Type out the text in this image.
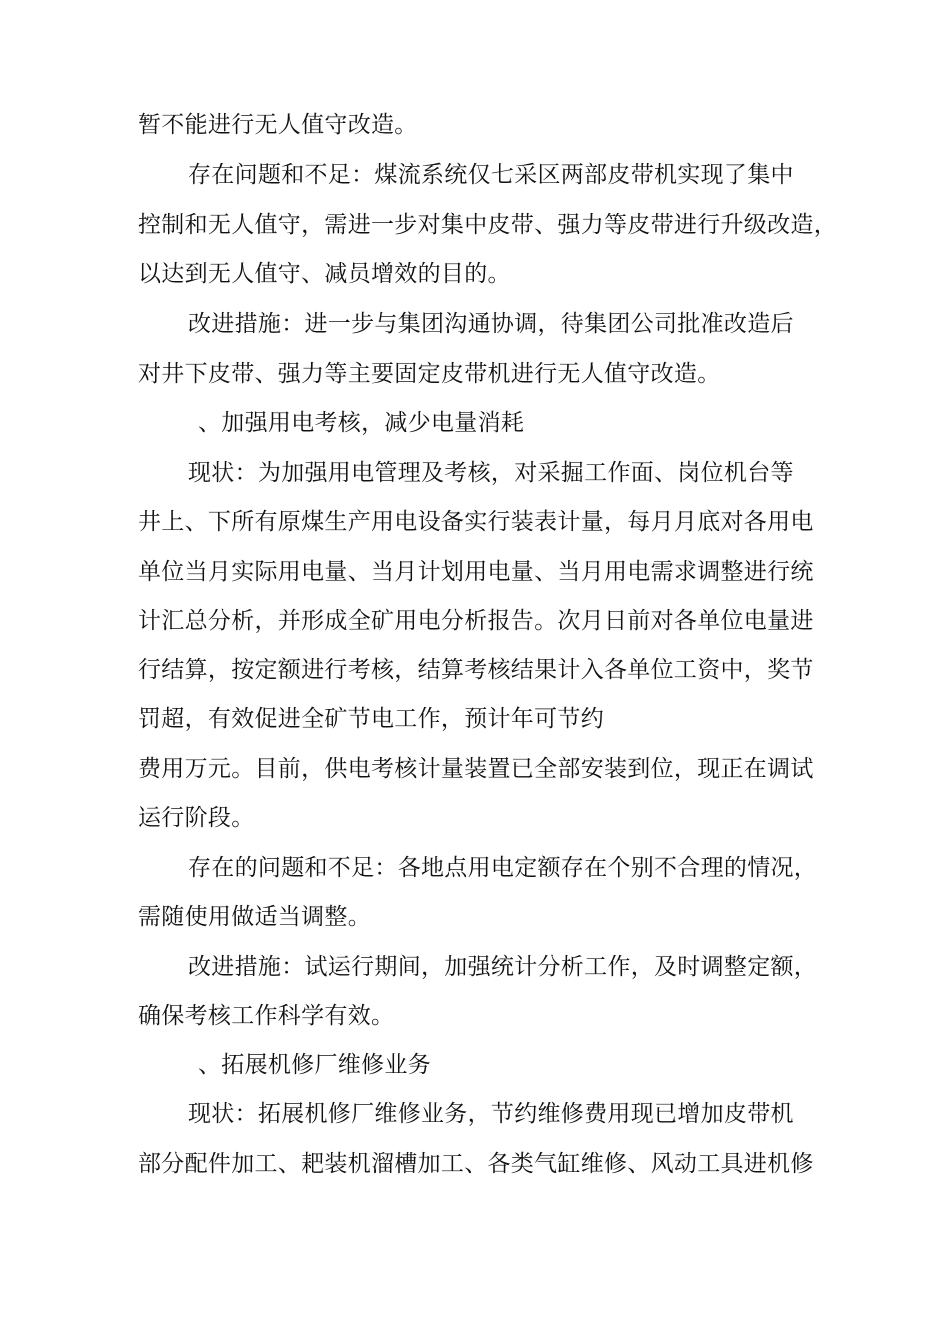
暂不能进行无人值守改造。
存在问题和不足：煤流系统仅七采区两部皮带机实现了集中
控制和无人值守，需进一步对集中皮带、强力等皮带进行升级改造，
以达到无人值守、减员增效的目的。
改进措施：进一步与集团沟通协调，待集团公司批准改造后
对井下皮带、强力等主要固定皮带机进行无人值守改造。
、加强用电考核，减少电量消耗
现状：为加强用电管理及考核，对采掘工作面、岗位机台等
井上、下所有原煤生产用电设备实行装表计量，每月月底对各用电
单位当月实际用电量、当月计划用电量、当月用电需求调整进行统
计汇总分析，并形成全矿用电分析报告。次月日前对各单位电量进
行结算，按定额进行考核，结算考核结果计入各单位工资中，奖节
罚超，有效促进全矿节电工作，预计年可节约
费用万元。目前，供电考核计量装置已全部安装到位，现正在调试
运行阶段。
存在的问题和不足：各地点用电定额存在个别不合理的情况，
需随使用做适当调整。
改进措施：试运行期间，加强统计分析工作，及时调整定额，
确保考核工作科学有效。
、拓展机修厂维修业务
现状：拓展机修厂维修业务，节约维修费用现已增加皮带机
部分配件加工、耙装机溜槽加工、各类气缸维修、风动工具进机修
